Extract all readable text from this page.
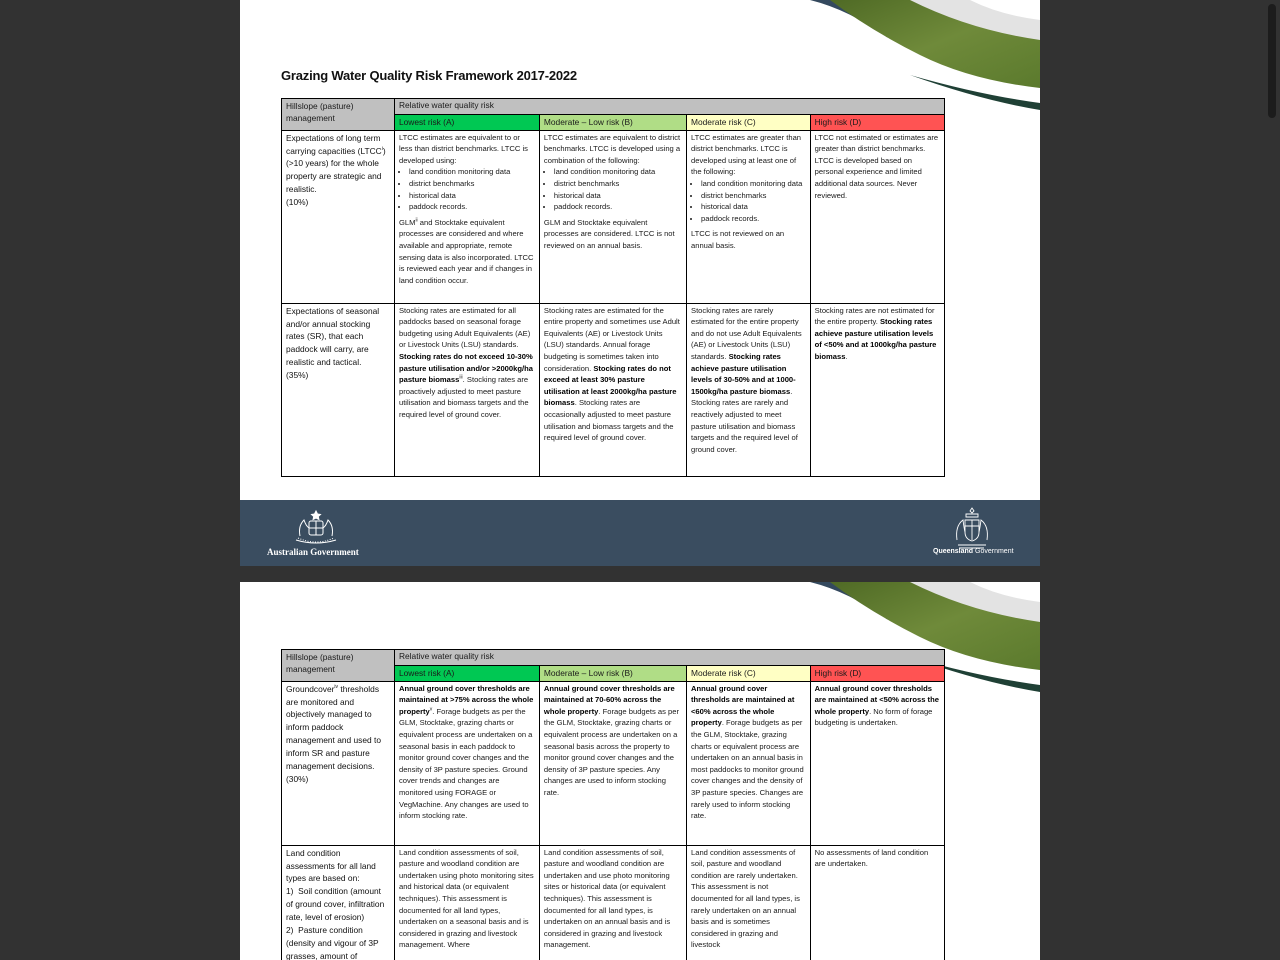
Grazing Water Quality Risk Framework 2017-2022
Hillslope (pasture) management	Relative water quality risk			
	Lowest risk (A)	Moderate – Low risk (B)	Moderate risk (C)	High risk (D)
Expectations of long term carrying capacities (LTCC$^i$) (>10 years) for the whole property are strategic and realistic.
(10%)	LTCC estimates are equivalent to or less than district benchmarks. LTCC is developed using:
• land condition monitoring data
• district benchmarks
• historical data
• paddock records.

GLM$^{ii}$ and Stocktake equivalent processes are considered and where available and appropriate, remote sensing data is also incorporated. LTCC is reviewed each year and if changes in land condition occur.

	LTCC estimates are equivalent to district benchmarks. LTCC is developed using a combination of the following:
• land condition monitoring data
• district benchmarks
• historical data
• paddock records.

GLM and Stocktake equivalent processes are considered. LTCC is not reviewed on an annual basis.

	LTCC estimates are greater than district benchmarks. LTCC is developed using at least one of the following:
• land condition monitoring data
• district benchmarks
• historical data
• paddock records.

LTCC is not reviewed on an annual basis.

	LTCC not estimated or estimates are greater than district benchmarks. LTCC is developed based on personal experience and limited additional data sources. Never reviewed.
Expectations of seasonal and/or annual stocking rates (SR), that each paddock will carry, are realistic and tactical.
(35%)	Stocking rates are estimated for all paddocks based on seasonal forage budgeting using Adult Equivalents (AE) or Livestock Units (LSU) standards. Stocking rates do not exceed 10-30% pasture utilisation and/or >2000kg/ha pasture biomass$^{iii}$. Stocking rates are proactively adjusted to meet pasture utilisation and biomass targets and the required level of ground cover.	Stocking rates are estimated for the entire property and sometimes use Adult Equivalents (AE) or Livestock Units (LSU) standards. Annual forage budgeting is sometimes taken into consideration. Stocking rates do not exceed at least 30% pasture utilisation at least 2000kg/ha pasture biomass. Stocking rates are occasionally adjusted to meet pasture utilisation and biomass targets and the required level of ground cover.	Stocking rates are rarely estimated for the entire property and do not use Adult Equivalents (AE) or Livestock Units (LSU) standards. Stocking rates achieve pasture utilisation levels of 30-50% and at 1000-1500kg/ha pasture biomass. Stocking rates are rarely and reactively adjusted to meet pasture utilisation and biomass targets and the required level of ground cover.	Stocking rates are not estimated for the entire property. Stocking rates achieve pasture utilisation levels of <50% and at 1000kg/ha pasture biomass.
Australian Government	Queensland Government
Hillslope (pasture) management	Relative water quality risk			
	Lowest risk (A)	Moderate – Low risk (B)	Moderate risk (C)	High risk (D)
Groundcover$^{iv}$ thresholds are monitored and objectively managed to inform paddock management and used to inform SR and pasture management decisions.
(30%)	Annual ground cover thresholds are maintained at >75% across the whole property$^v$. Forage budgets as per the GLM, Stocktake, grazing charts or equivalent process are undertaken on a seasonal basis in each paddock to monitor ground cover changes and the density of 3P pasture species. Ground cover trends and changes are monitored using FORAGE or VegMachine. Any changes are used to inform stocking rate.	Annual ground cover thresholds are maintained at 70-60% across the whole property. Forage budgets as per the GLM, Stocktake, grazing charts or equivalent process are undertaken on a seasonal basis across the property to monitor ground cover changes and the density of 3P pasture species. Any changes are used to inform stocking rate.	Annual ground cover thresholds are maintained at <60% across the whole property. Forage budgets as per the GLM, Stocktake, grazing charts or equivalent process are undertaken on an annual basis in most paddocks to monitor ground cover changes and the density of 3P pasture species. Changes are rarely used to inform stocking rate.	Annual ground cover thresholds are maintained at <50% across the whole property. No form of forage budgeting is undertaken.
Land condition assessments for all land types are based on:
1) Soil condition (amount of ground cover, infiltration rate, level of erosion)
2) Pasture condition (density and vigour of 3P grasses, amount of	Land condition assessments of soil, pasture and woodland condition are undertaken using photo monitoring sites and historical data (or equivalent techniques). This assessment is documented for all land types, undertaken on a seasonal basis and is considered in grazing and livestock management. Where	Land condition assessments of soil, pasture and woodland condition are undertaken and use photo monitoring sites or historical data (or equivalent techniques). This assessment is documented for all land types, is undertaken on an annual basis and is considered in grazing and livestock management.	Land condition assessments of soil, pasture and woodland condition are rarely undertaken. This assessment is not documented for all land types, is rarely undertaken on an annual basis and is sometimes considered in grazing and livestock	No assessments of land condition are undertaken.
